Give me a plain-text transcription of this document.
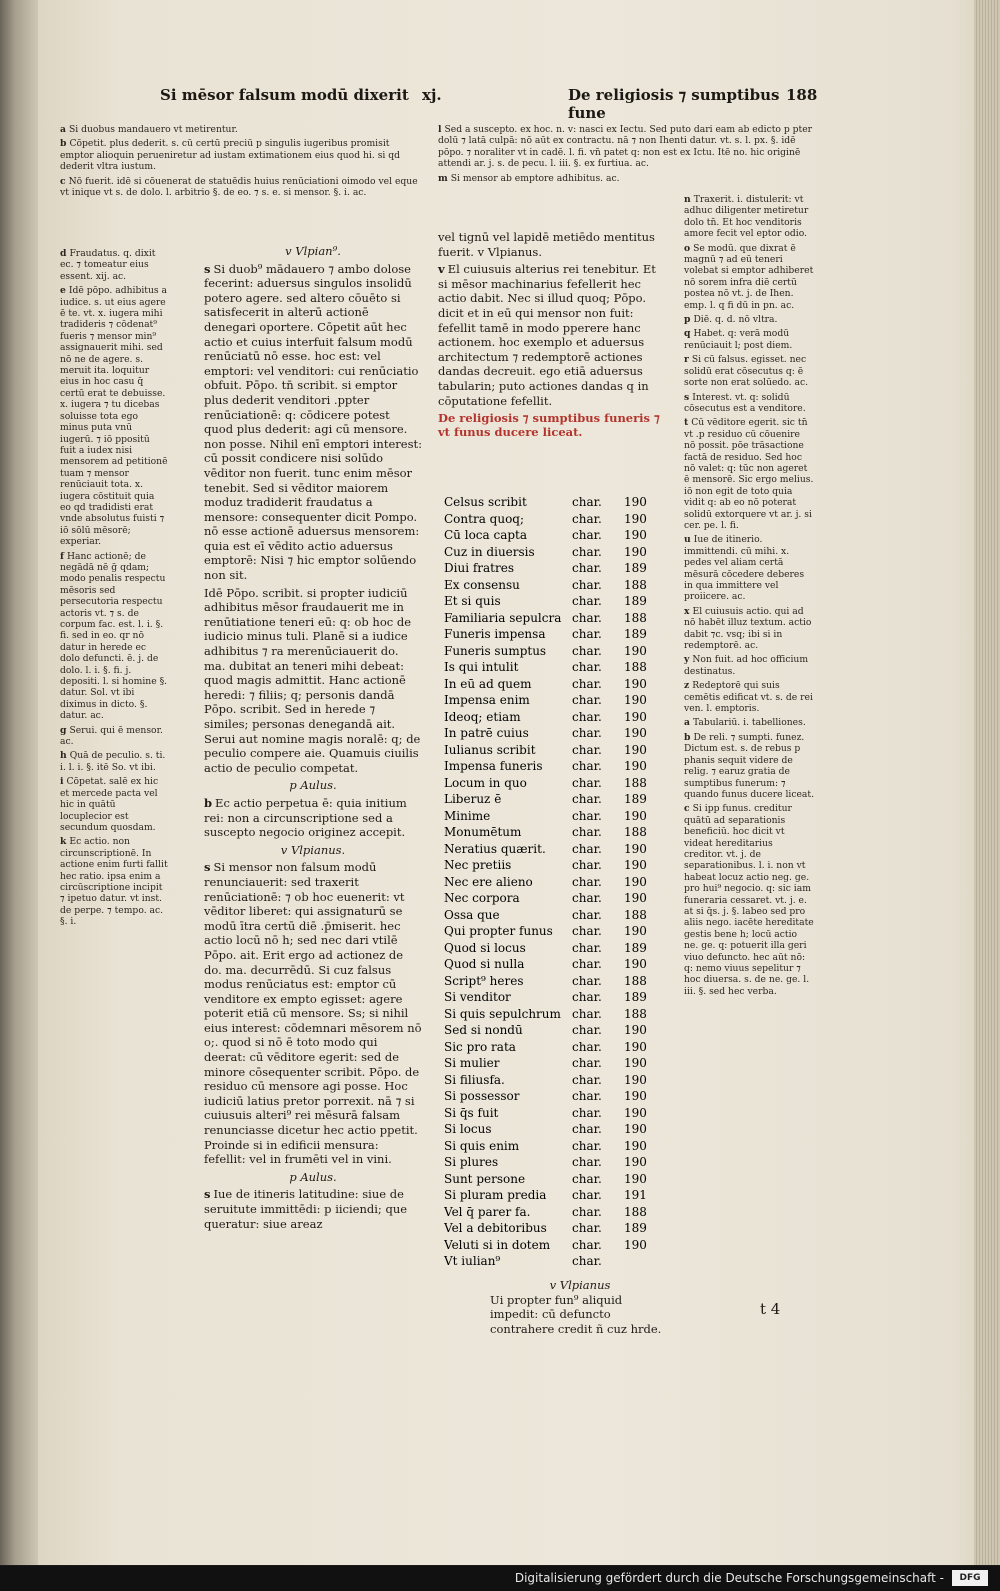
Si mēsor falsum modū dixerit xj.	De religiosis ⁊ sumptibus fune
188
a Si duobus mandauero vt metirentur.
b Cōpetit. plus dederit. s. cū certū preciū p singulis iugeribus promisit emptor alioquin perueniretur ad iustam extimationem eius quod hi. si qd dederit vltra iustum.
c Nō fuerit. idē si cōuenerat de statuēdis huius renūciationi oimodo vel eque vt inique vt s. de dolo. l. arbitrio §. de eo. ⁊ s. e. si mensor. §. i. ac.
d Fraudatus. q. dixit ec. ⁊ tomeatur eius essent. xij. ac.
e Idē pōpo. adhibitus a iudice. s. ut eius agere ē te. vt. x. iugera mihi tradideris ⁊ cōdenat⁹ fueris ⁊ mensor min⁹ assignauerit mihi. sed nō ne de agere. s. meruit ita. loquitur eius in hoc casu q̄ certū erat te debuisse. x. iugera ⁊ tu dicebas soluisse tota ego minus puta vnū iugerū. ⁊ iō ppositū fuit a iudex nisi mensorem ad petitionē tuam ⁊ mensor renūciauit tota. x. iugera cōstituit quia eo qd tradidisti erat vnde absolutus fuisti ⁊ iō sōlū mēsorē; experiar.
f Hanc actionē; de negādā nē ḡ qdam; modo penalis respectu mēsoris sed persecutoria respectu actoris vt. ⁊ s. de corpum fac. est. l. i. §. fi. sed in eo. qr nō datur in herede ec dolo defuncti. ē. j. de dolo. l. i. §. fi. j. depositi. l. si homine §. datur. Sol. vt ibi diximus in dicto. §. datur. ac.
g Serui. qui ē mensor. ac.
h Quā de peculio. s. ti. i. l. i. §. itē So. vt ibi.
i Cōpetat. salē ex hic et mercede pacta vel hic in quātū locuplecior est secundum quosdam.
k Ec actio. non circunscriptionē. In actione enim furti fallit hec ratio. ipsa enim a circūscriptione incipit ⁊ ipetuo datur. vt inst. de perpe. ⁊ tempo. ac. §. i.
v Vlpian⁹.
s Si duob⁹ mādauero ⁊ ambo dolose fecerint: aduersus singulos insolidū potero agere. sed altero cōuēto si satisfecerit in alterū actionē denegari oportere. Cōpetit aūt hec actio et cuius interfuit falsum modū renūciatū nō esse. hoc est: vel emptori: vel venditori: cui renūciatio obfuit. Pōpo. tn̄ scribit. si emptor plus dederit venditori .ppter renūciationē: q: cōdicere potest quod plus dederit: agi cū mensore. non posse. Nihil enī emptori interest: cū possit condicere nisi solūdo vēditor non fuerit. tunc enim mēsor tenebit. Sed si vēditor maiorem moduz tradiderit fraudatus a mensore: consequenter dicit Pompo. nō esse actionē aduersus mensorem: quia est eī vēdito actio aduersus emptorē: Nisi ⁊ hic emptor solūendo non sit.
Idē Pōpo. scribit. si propter iudiciū adhibitus mēsor fraudauerit me in renūtiatione teneri eū: q: ob hoc de iudicio minus tuli. Planē si a iudice adhibitus ⁊ ra merenūciauerit do. ma. dubitat an teneri mihi debeat: quod magis admittit. Hanc actionē heredi: ⁊ filiis; q; personis dandā Pōpo. scribit. Sed in herede ⁊ similes; personas denegandā ait. Serui aut nomine magis noralē: q; de peculio compere aie. Quamuis ciuilis actio de peculio competat.
p Aulus.
b Ec actio perpetua ē: quia initium rei: non a circunscriptione sed a suscepto negocio originez accepit.
v Vlpianus.
s Si mensor non falsum modū renunciauerit: sed traxerit renūciationē: ⁊ ob hoc euenerit: vt vēditor liberet: qui assignaturū se modū ītra certū diē .p̄miserit. hec actio locū nō h; sed nec dari vtilē Pōpo. ait. Erit ergo ad actionez de do. ma. decurrēdū. Si cuz falsus modus renūciatus est: emptor cū venditore ex empto egisset: agere poterit etiā cū mensore. Ss; si nihil eius interest: cōdemnari mēsorem nō o;. quod si nō ē toto modo qui deerat: cū vēditore egerit: sed de minore cōsequenter scribit. Pōpo. de residuo cū mensore agi posse. Hoc iudiciū latius pretor porrexit. nā ⁊ si cuiusuis alteri⁹ rei mēsurā falsam renunciasse dicetur hec actio ppetit. Proinde si in edificii mensura: fefellit: vel in frumēti vel in vini.
p Aulus.
s Iue de itineris latitudine: siue de seruitute immittēdi: p iiciendi; que queratur: siue areaz
l Sed a suscepto. ex hoc. n. v: nasci ex Iectu. Sed puto dari eam ab edicto p pter dolū ⁊ latā culpā: nō aūt ex contractu. nā ⁊ non Ihenti datur. vt. s. l. px. §. idē pōpo. ⁊ noraliter vt in cadē. l. fi. vn̄ patet q: non est ex Ictu. Itē no. hic originē attendi ar. j. s. de pecu. l. iii. §. ex furtiua. ac.
m Si mensor ab emptore adhibitus. ac.
vel tignū vel lapidē metiēdo mentitus fuerit. v Vlpianus.
v El cuiusuis alterius rei tenebitur. Et si mēsor machinarius fefellerit hec actio dabit. Nec si illud quoq; Pōpo. dicit et in eū qui mensor non fuit: fefellit tamē in modo pperere hanc actionem. hoc exemplo et aduersus architectum ⁊ redemptorē actiones dandas decreuit. ego etiā aduersus tabularin; puto actiones dandas q in cōputatione fefellit.
De religiosis ⁊ sumptibus funeris ⁊ vt funus ducere liceat.
n Traxerit. i. distulerit: vt adhuc diligenter metiretur dolo tn̄. Et hoc venditoris amore fecit vel eptor odio.
o Se modū. que dixrat ē magnū ⁊ ad eū teneri volebat si emptor adhiberet nō sorem infra diē certū postea nō vt. j. de Ihen. emp. l. q fi dū in pn. ac.
p Diē. q. d. nō vltra.
q Habet. q: verā modū renūciauit l; post diem.
r Si cū falsus. egisset. nec solidū erat cōsecutus q: ē sorte non erat solūedo. ac.
s Interest. vt. q: solidū cōsecutus est a venditore.
t Cū vēditore egerit. sic tn̄ vt .p residuo cū cōuenire nō possit. pōe trāsactione factā de residuo. Sed hoc nō valet: q: tūc non ageret ē mensorē. Sic ergo melius. iō non egit de toto quia vidit q: ab eo nō poterat solidū extorquere vt ar. j. si cer. pe. l. fi.
u Iue de itinerio. immittendi. cū mihi. x. pedes vel aliam certā mēsurā cōcedere deberes in qua immittere vel proiicere. ac.
x El cuiusuis actio. qui ad nō habēt illuz textum. actio dabit ⁊c. vsq; ibi si in redemptorē. ac.
y Non fuit. ad hoc officium destinatus.
z Redeptorē qui suis cemētis edificat vt. s. de rei ven. l. emptoris.
a Tabulariū. i. tabelliones.
b De reli. ⁊ sumpti. funez. Dictum est. s. de rebus p phanis sequit videre de relig. ⁊ earuz gratia de sumptibus funerum: ⁊ quando funus ducere liceat.
c Si ipp funus. creditur quātū ad separationis beneficiū. hoc dicit vt videat hereditarius creditor. vt. j. de separationibus. l. i. non vt habeat locuz actio neg. ge. pro hui⁹ negocio. q: sic iam funeraria cessaret. vt. j. e. at si q̄s. j. §. labeo sed pro aliis nego. iacēte hereditate gestis bene h; locū actio ne. ge. q: potuerit illa geri viuo defuncto. hec aūt nō: q: nemo viuus sepelitur ⁊ hoc diuersa. s. de ne. ge. l. iii. §. sed hec verba.
Celsus scribit	char.	190
Contra quoq;	char.	190
Cū loca capta	char.	190
Cuz in diuersis	char.	190
Diui fratres	char.	189
Ex consensu	char.	188
Et si quis	char.	189
Familiaria sepulcra char.	188
Funeris impensa	char.	189
Funeris sumptus	char.	190
Is qui intulit	char.	188
In eū ad quem	char.	190
Impensa enim	char.	190
Ideoq; etiam	char.	190
In patrē cuius	char.	190
Iulianus scribit	char.	190
Impensa funeris	char.	190
Locum in quo	char.	188
Liberuz ē	char.	189
Minime	char.	190
Monumētum	char.	188
Neratius quærit.	char.	190
Nec pretiis	char.	190
Nec ere alieno	char.	190
Nec corpora	char.	190
Ossa que	char.	188
Qui propter funus	char.	190
Quod si locus	char.	189
Quod si nulla	char.	190
Script⁹ heres	char.	188
Si venditor	char.	189
Si quis sepulchrum char.	188
Sed si nondū	char.	190
Sic pro rata	char.	190
Si mulier	char.	190
Si filiusfa.	char.	190
Si possessor	char.	190
Si q̄s fuit	char.	190
Si locus	char.	190
Si quis enim	char.	190
Si plures	char.	190
Sunt persone	char.	190
Si pluram predia	char.	191
Vel q̄ parer fa.	char.	188
Vel a debitoribus	char.	189
Veluti si in dotem	char.	190
Vt iulian⁹	char.
v Vlpianus
Ui propter fun⁹ aliquid impedit: cū defuncto contrahere credit ñ cuz hrde.
t 4
Digitalisierung gefördert durch die Deutsche Forschungsgemeinschaft -	DFG
